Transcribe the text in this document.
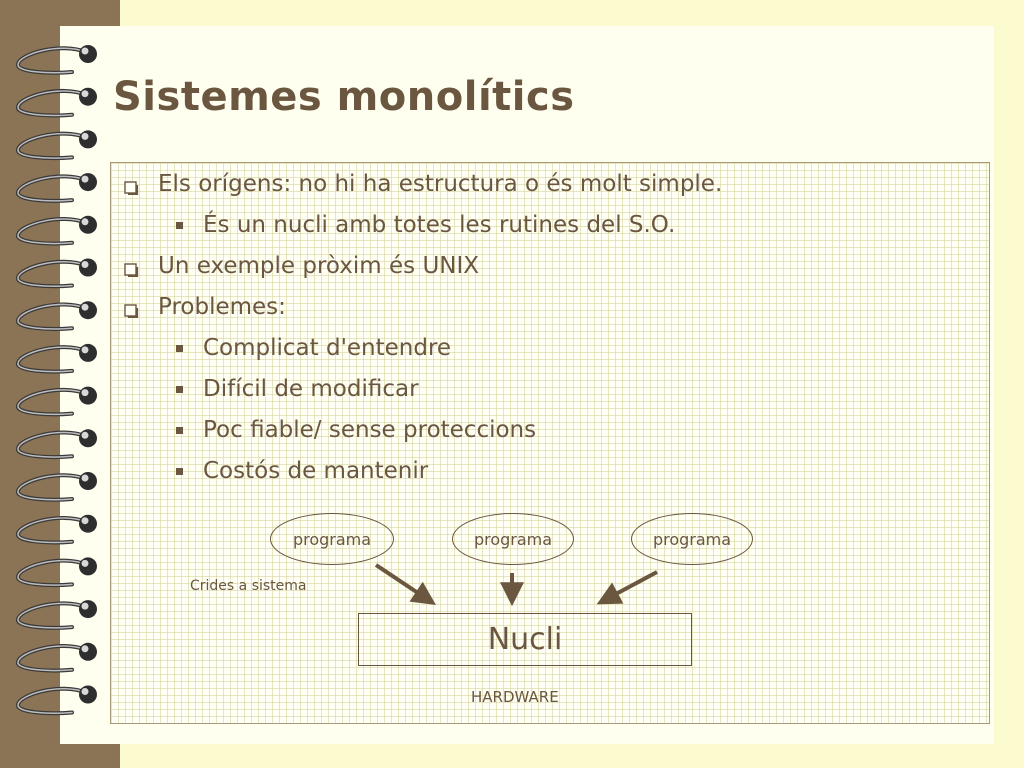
Sistemes monolítics
Els orígens: no hi ha estructura o és molt simple.
És un nucli amb totes les rutines del S.O.
Un exemple pròxim és UNIX
Problemes:
Complicat d'entendre
Difícil de modificar
Poc fiable/ sense proteccions
Costós de mantenir
programa	programa	programa
Crides a sistema
Nucli
HARDWARE
